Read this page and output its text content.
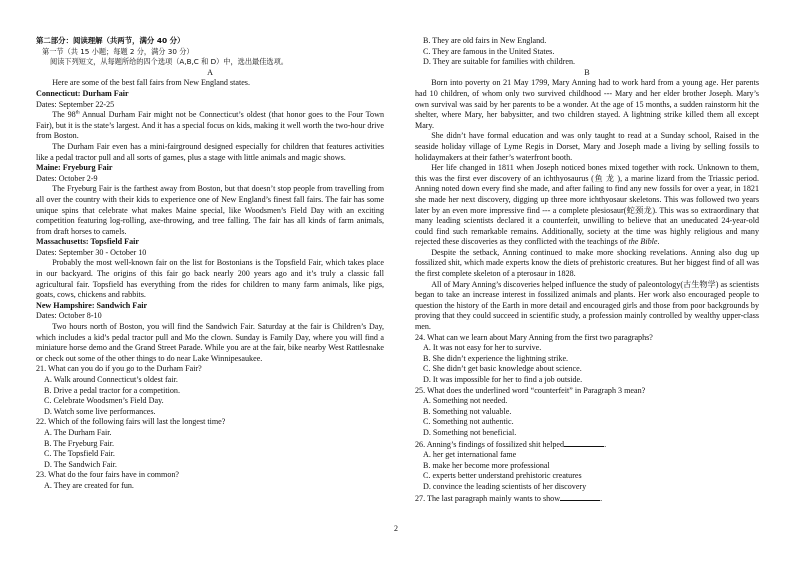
第二部分：阅读理解（共两节，满分 40 分）

第一节（共 15 小题；每题 2 分，满分 30 分）

阅读下列短文，从每题所给的四个选项（A,B,C 和 D）中，选出最佳选项。

A

Here are some of the best fall fairs from New England states.

Connecticut: Durham Fair

Dates: September 22-25

The 98th Annual Durham Fair might not be Connecticut’s oldest (that honor goes to the Four Town Fair), but it is the state’s largest. And it has a special focus on kids, making it well worth the two-hour drive from Boston.

The Durham Fair even has a mini-fairground designed especially for children that features activities like a pedal tractor pull and all sorts of games, plus a stage with little animals and magic shows.

Maine: Fryeburg Fair

Dates: October 2-9

The Fryeburg Fair is the farthest away from Boston, but that doesn’t stop people from travelling from all over the country with their kids to experience one of New England’s finest fall fairs. The fair has some unique spins that celebrate what makes Maine special, like Woodsmen’s Field Day with an exciting competition featuring log-rolling, axe-throwing, and tree falling. The fair has all kinds of farm animals, from draft horses to camels.

Massachusetts: Topsfield Fair

Dates: September 30 - October 10

Probably the most well-known fair on the list for Bostonians is the Topsfield Fair, which takes place in our backyard. The origins of this fair go back nearly 200 years ago and it’s truly a classic fall agricultural fair. Topsfield has everything from the rides for children to many farm animals, like pigs, goats, cows, chickens and rabbits.

New Hampshire: Sandwich Fair

Dates: October 8-10

Two hours north of Boston, you will find the Sandwich Fair. Saturday at the fair is Children’s Day, which includes a kid’s pedal tractor pull and Mo the clown. Sunday is Family Day, where you will find a miniature horse demo and the Grand Street Parade. While you are at the fair, bike nearby West Rattlesnake or check out some of the other things to do near Lake Winnipesaukee.

21. What can you do if you go to the Durham Fair?

A. Walk around Connecticut’s oldest fair.

B. Drive a pedal tractor for a competition.

C. Celebrate Woodsmen’s Field Day.

D. Watch some live performances.

22. Which of the following fairs will last the longest time?

A. The Durham Fair.

B. The Fryeburg Fair.

C. The Topsfield Fair.

D. The Sandwich Fair.

23. What do the four fairs have in common?

A. They are created for fun.

B. They are old fairs in New England.

C. They are famous in the United States.

D. They are suitable for families with children.

B

Born into poverty on 21 May 1799, Mary Anning had to work hard from a young age. Her parents had 10 children, of whom only two survived childhood --- Mary and her elder brother Joseph. Mary’s own survival was said by her parents to be a wonder. At the age of 15 months, a sudden rainstorm hit the shelter, where Mary, her babysitter, and two children stayed. A lightning strike killed them all except Mary.

She didn’t have formal education and was only taught to read at a Sunday school, Raised in the seaside holiday village of Lyme Regis in Dorset, Mary and Joseph made a living by selling fossils to holidaymakers at their father’s waterfront booth.

Her life changed in 1811 when Joseph noticed bones mixed together with rock. Unknown to them, this was the first ever discovery of an ichthyosaurus (鱼 龙 ), a marine lizard from the Triassic period. Anning noted down every find she made, and after failing to find any new fossils for over a year, in 1821 she made her next discovery, digging up three more ichthyosaur skeletons. This was followed two years later by an even more impressive find --- a complete plesiosaur(蛇颈龙). This was so extraordinary that many leading scientists declared it a counterfeit, unwilling to believe that an uneducated 24-year-old could find such remarkable remains. Additionally, society at the time was highly religious and many rejected these discoveries as they conflicted with the teachings of the Bible.

Despite the setback, Anning continued to make more shocking revelations. Anning also dug up fossilized shit, which made experts know the diets of prehistoric creatures. But her biggest find of all was the first complete skeleton of a pterosaur in 1828.

All of Mary Anning’s discoveries helped influence the study of paleontology(古生物学) as scientists began to take an increase interest in fossilized animals and plants. Her work also encouraged people to question the history of the Earth in more detail and encouraged girls and those from poor backgrounds by proving that they could succeed in scientific study, a profession mainly controlled by wealthy upper-class men.

24. What can we learn about Mary Anning from the first two paragraphs?

A. It was not easy for her to survive.

B. She didn’t experience the lightning strike.

C. She didn’t get basic knowledge about science.

D. It was impossible for her to find a job outside.

25. What does the underlined word “counterfeit” in Paragraph 3 mean?

A. Something not needed.

B. Something not valuable.

C. Something not authentic.

D. Something not beneficial.

26. Anning’s findings of fossilized shit helped	.

A. her get international fame

B. make her become more professional

C. experts better understand prehistoric creatures

D. convince the leading scientists of her discovery

27. The last paragraph mainly wants to show	.

2
